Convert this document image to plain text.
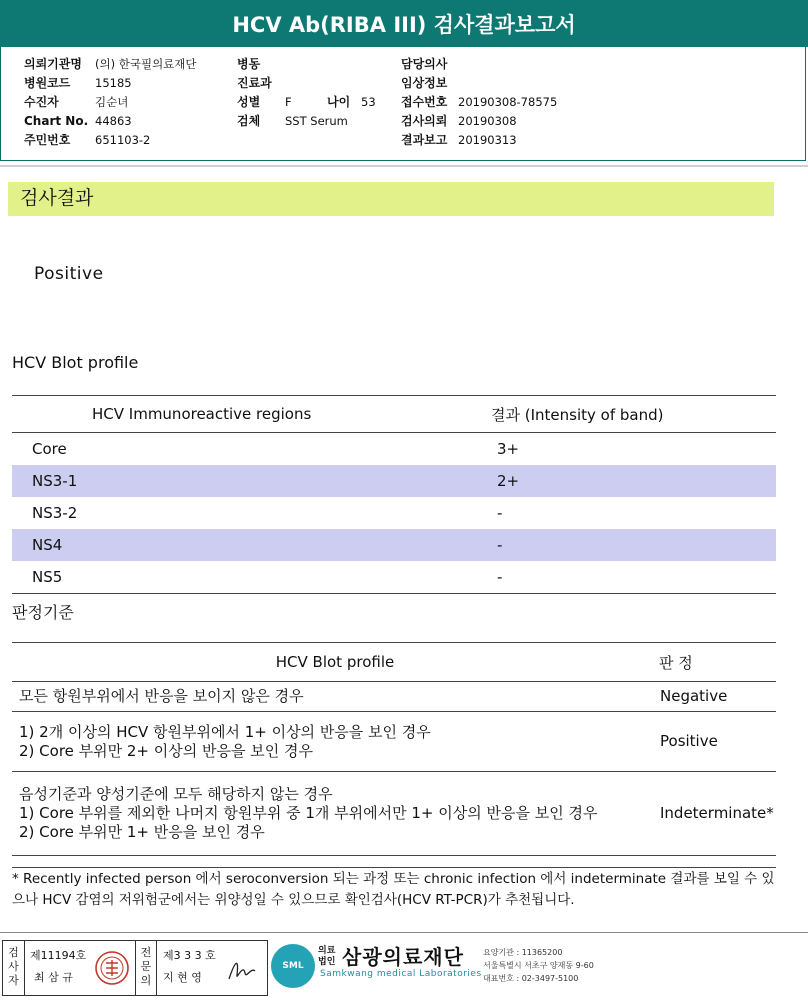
HCV Ab(RIBA III) 검사결과보고서
의뢰기관명 (의) 한국필의료재단
병원코드 15185
수진자	김순녀
Chart No. 44863
주민번호 651103-2
병동
진료과
성별 F	나이 53
검체 SST Serum
담당의사
임상정보
접수번호 20190308-78575
검사의뢰 20190308
결과보고 20190313
검사결과
Positive
HCV Blot profile
HCV Immunoreactive regions	결과 (Intensity of band)
Core	3+
NS3-1	2+
NS3-2	-
NS4	-
NS5	-
판정기준
HCV Blot profile	판 정

모든 항원부위에서 반응을 보이지 않은 경우	Negative

1) 2개 이상의 HCV 항원부위에서 1+ 이상의 반응을 보인 경우
2) Core 부위만 2+ 이상의 반응을 보인 경우	Positive

음성기준과 양성기준에 모두 해당하지 않는 경우
1) Core 부위를 제외한 나머지 항원부위 중 1개 부위에서만 1+ 이상의 반응을 보인 경우
2) Core 부위만 1+ 반응을 보인 경우	Indeterminate*
* Recently infected person 에서 seroconversion 되는 과정 또는 chronic infection 에서 indeterminate 결과를 보일 수 있으나 HCV 감염의 저위험군에서는 위양성일 수 있으므로 확인검사(HCV RT-PCR)가 추천됩니다.
검사자
제11194호
최 삼 규
전문의
제3 3 3 호
지 현 영
SML
의료법인 삼광의료재단
Samkwang medical Laboratories
요양기관 : 11365200
서울특별시 서초구 양재동 9-60
대표번호 : 02-3497-5100
